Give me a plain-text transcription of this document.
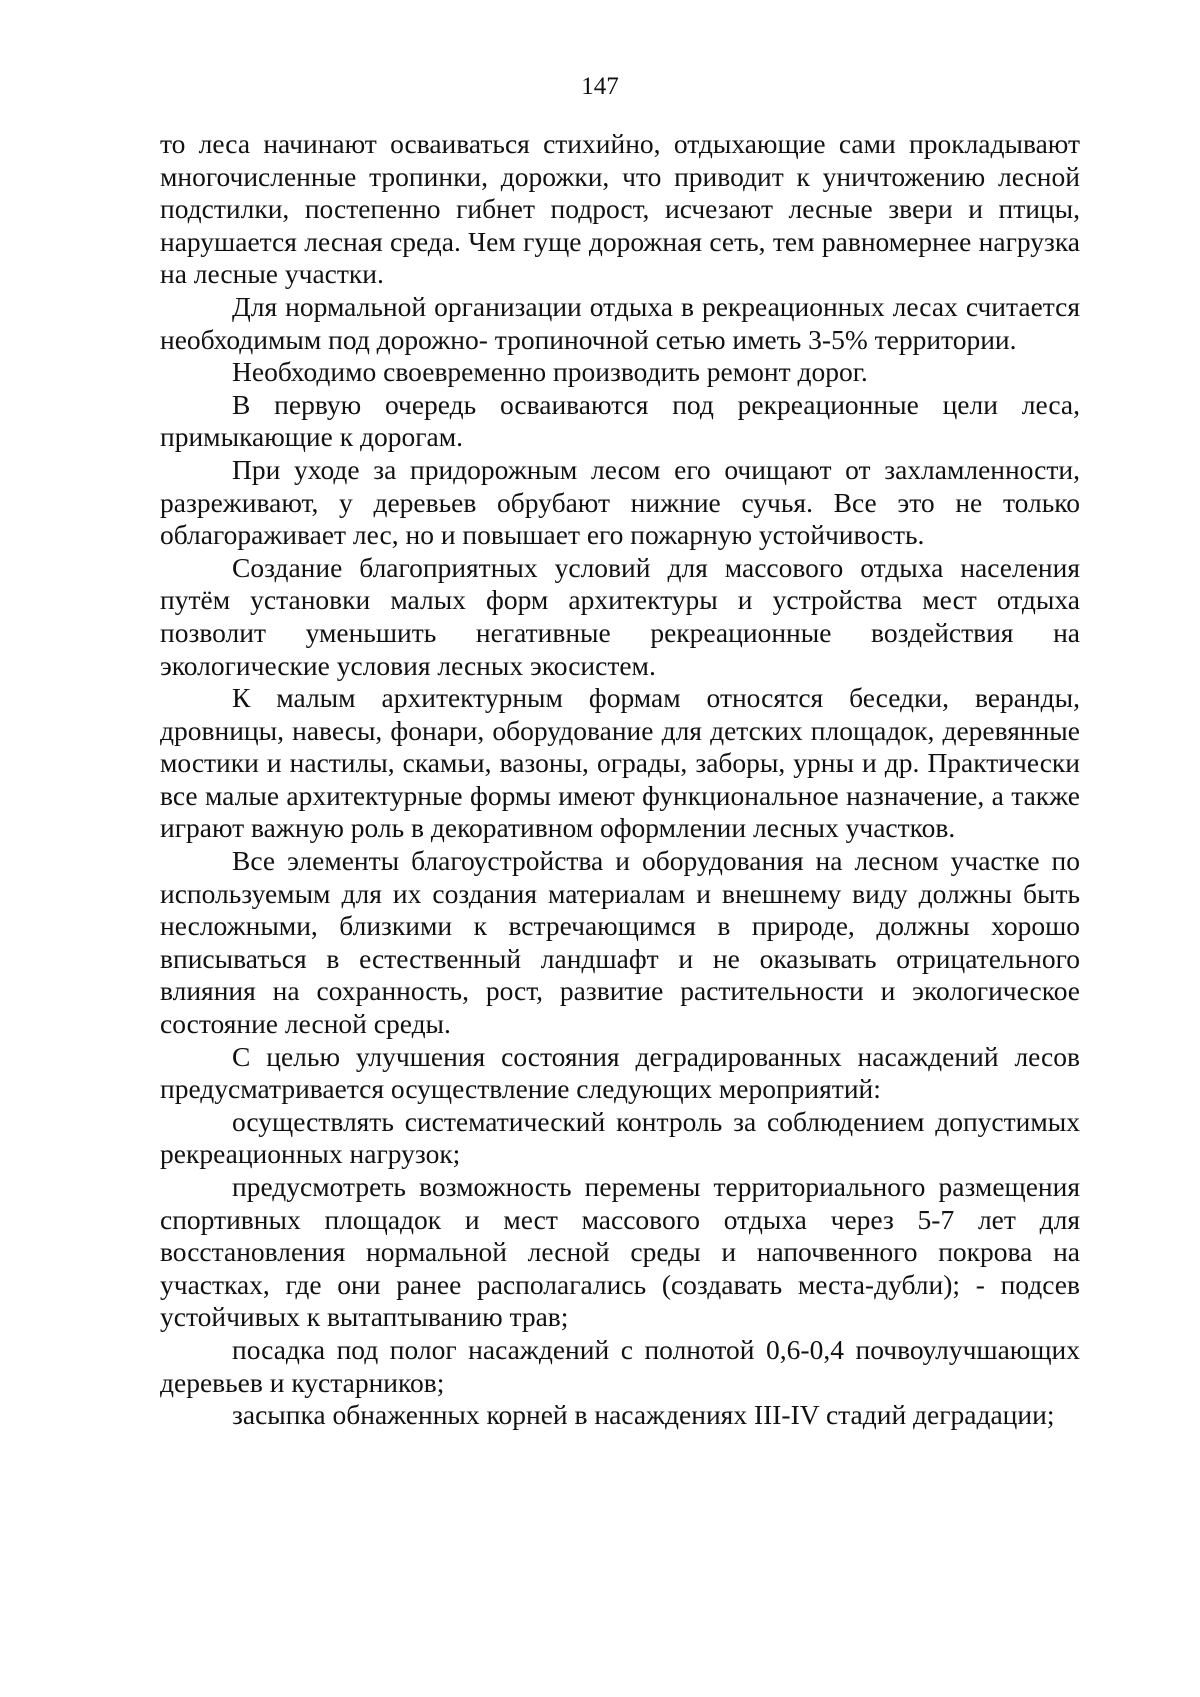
147

то леса начинают осваиваться стихийно, отдыхающие сами прокладывают многочисленные тропинки, дорожки, что приводит к уничтожению лесной подстилки, постепенно гибнет подрост, исчезают лесные звери и птицы, нарушается лесная среда. Чем гуще дорожная сеть, тем равномернее нагрузка на лесные участки.

Для нормальной организации отдыха в рекреационных лесах считается необходимым под дорожно- тропиночной сетью иметь 3-5% территории.

Необходимо своевременно производить ремонт дорог.

В первую очередь осваиваются под рекреационные цели леса, примыкающие к дорогам.

При уходе за придорожным лесом его очищают от захламленности, разреживают, у деревьев обрубают нижние сучья. Все это не только облагораживает лес, но и повышает его пожарную устойчивость.

Создание благоприятных условий для массового отдыха населения путём установки малых форм архитектуры и устройства мест отдыха позволит уменьшить негативные рекреационные воздействия на экологические условия лесных экосистем.

К малым архитектурным формам относятся беседки, веранды, дровницы, навесы, фонари, оборудование для детских площадок, деревянные мостики и настилы, скамьи, вазоны, ограды, заборы, урны и др. Практически все малые архитектурные формы имеют функциональное назначение, а также играют важную роль в декоративном оформлении лесных участков.

Все элементы благоустройства и оборудования на лесном участке по используемым для их создания материалам и внешнему виду должны быть несложными, близкими к встречающимся в природе, должны хорошо вписываться в естественный ландшафт и не оказывать отрицательного влияния на сохранность, рост, развитие растительности и экологическое состояние лесной среды.

С целью улучшения состояния деградированных насаждений лесов предусматривается осуществление следующих мероприятий:

осуществлять систематический контроль за соблюдением допустимых рекреационных нагрузок;

предусмотреть возможность перемены территориального размещения спортивных площадок и мест массового отдыха через 5-7 лет для восстановления нормальной лесной среды и напочвенного покрова на участках, где они ранее располагались (создавать места-дубли); - подсев устойчивых к вытаптыванию трав;

посадка под полог насаждений с полнотой 0,6-0,4 почвоулучшающих деревьев и кустарников;

засыпка обнаженных корней в насаждениях III-IV стадий деградации;
